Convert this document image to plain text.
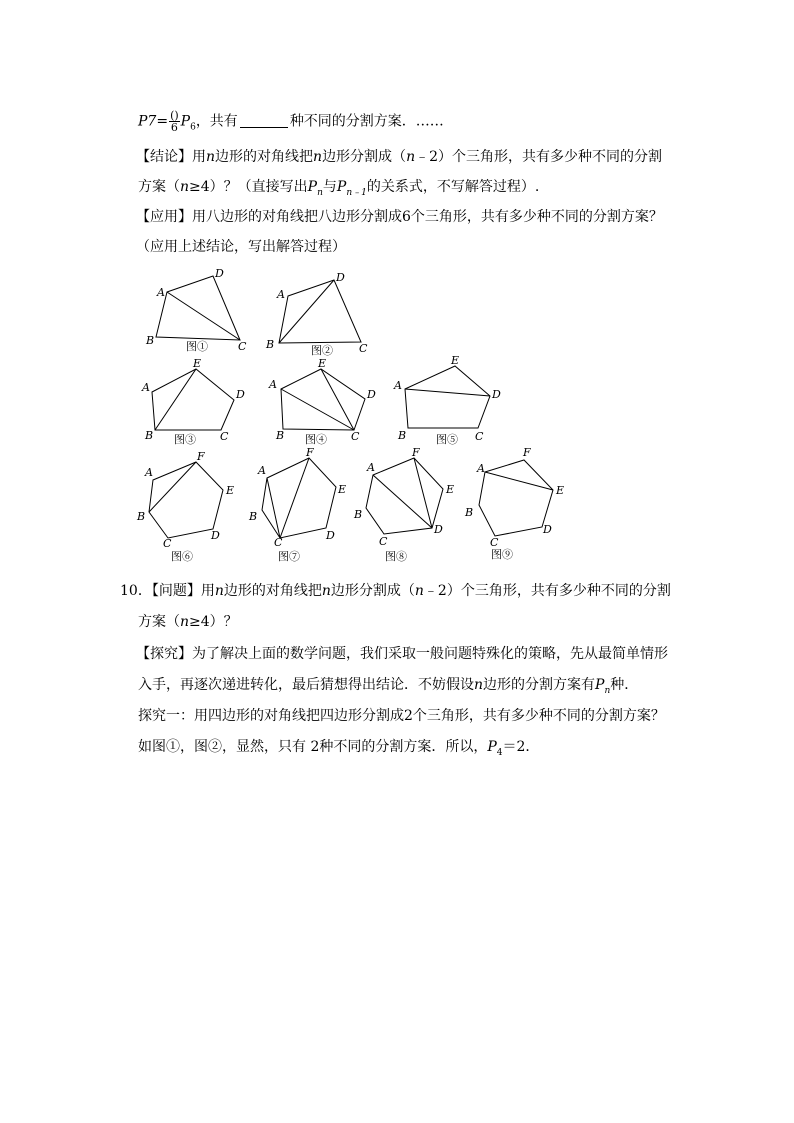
$P7= \frac{()}{6} P_6$，共有	种不同的分割方案．……
【结论】用n边形的对角线把n边形分割成（n﹣2）个三角形，共有多少种不同的分割
方案（n≥4）？（直接写出$P_n$与$P_{n﹣1}$的关系式，不写解答过程）.
【应用】用八边形的对角线把八边形分割成6个三角形，共有多少种不同的分割方案？
（应用上述结论，写出解答过程）
A
D
B	C
图①
A
D
B	C
图②
A
E
D
C
B 图③
A
E
D
C
B 图④
A
E
D
C
B	图⑤
A
F
E
D
C
B
图⑥
A
F
E
D
C
B
图⑦
A
F
E
D
C
B
图⑧
A
F
E
D
C
B
图⑨
10．【问题】用n边形的对角线把n边形分割成（n﹣2）个三角形，共有多少种不同的分割
方案（n≥4）？
【探究】为了解决上面的数学问题，我们采取一般问题特殊化的策略，先从最简单情形
入手，再逐次递进转化，最后猜想得出结论．不妨假设n边形的分割方案有$P_n$种．
探究一：用四边形的对角线把四边形分割成2个三角形，共有多少种不同的分割方案？
如图①，图②，显然，只有 2种不同的分割方案．所以，$P_4=2$．
